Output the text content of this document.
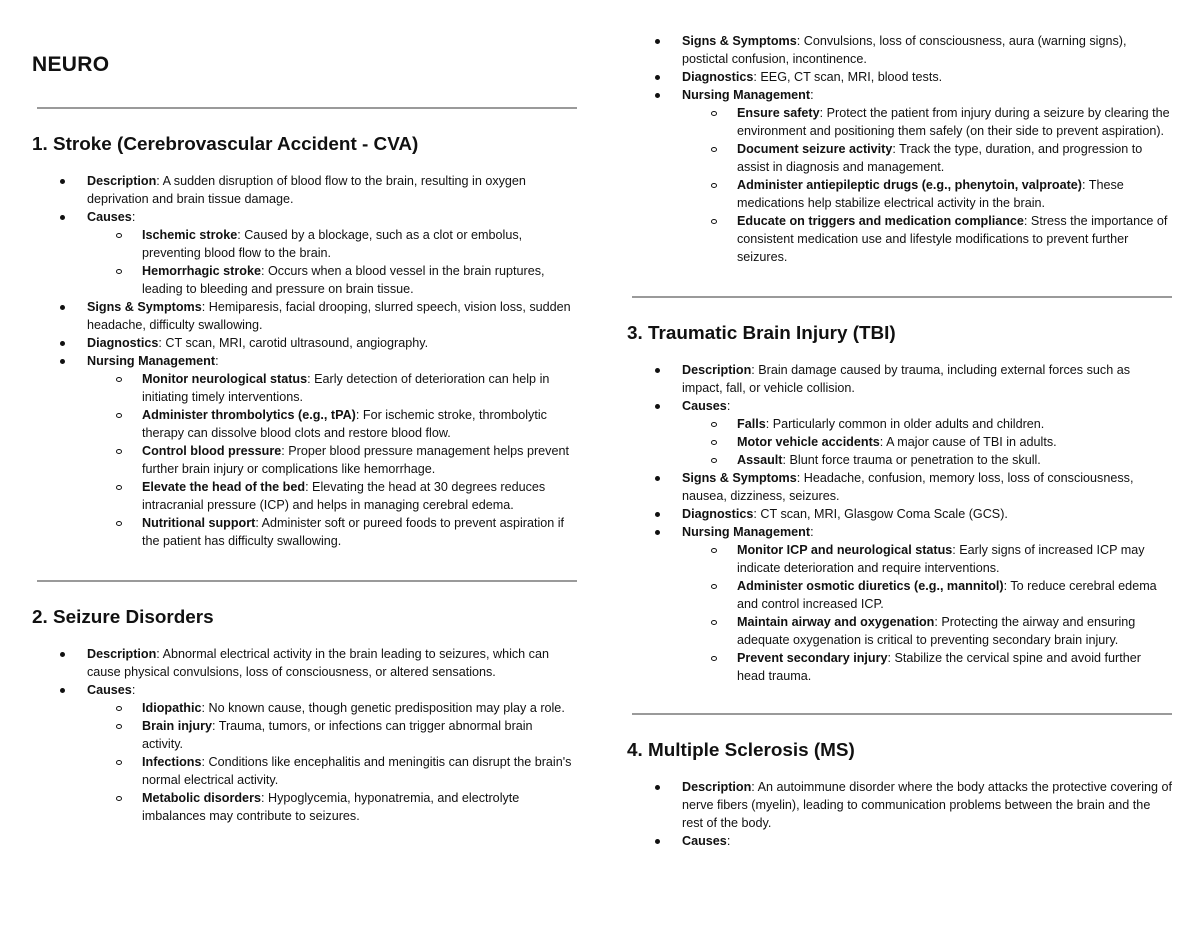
NEURO
1. Stroke (Cerebrovascular Accident - CVA)
Description: A sudden disruption of blood flow to the brain, resulting in oxygen deprivation and brain tissue damage.
Causes:
Ischemic stroke: Caused by a blockage, such as a clot or embolus, preventing blood flow to the brain.
Hemorrhagic stroke: Occurs when a blood vessel in the brain ruptures, leading to bleeding and pressure on brain tissue.
Signs & Symptoms: Hemiparesis, facial drooping, slurred speech, vision loss, sudden headache, difficulty swallowing.
Diagnostics: CT scan, MRI, carotid ultrasound, angiography.
Nursing Management:
Monitor neurological status: Early detection of deterioration can help in initiating timely interventions.
Administer thrombolytics (e.g., tPA): For ischemic stroke, thrombolytic therapy can dissolve blood clots and restore blood flow.
Control blood pressure: Proper blood pressure management helps prevent further brain injury or complications like hemorrhage.
Elevate the head of the bed: Elevating the head at 30 degrees reduces intracranial pressure (ICP) and helps in managing cerebral edema.
Nutritional support: Administer soft or pureed foods to prevent aspiration if the patient has difficulty swallowing.
2. Seizure Disorders
Description: Abnormal electrical activity in the brain leading to seizures, which can cause physical convulsions, loss of consciousness, or altered sensations.
Causes:
Idiopathic: No known cause, though genetic predisposition may play a role.
Brain injury: Trauma, tumors, or infections can trigger abnormal brain activity.
Infections: Conditions like encephalitis and meningitis can disrupt the brain's normal electrical activity.
Metabolic disorders: Hypoglycemia, hyponatremia, and electrolyte imbalances may contribute to seizures.
Signs & Symptoms: Convulsions, loss of consciousness, aura (warning signs), postictal confusion, incontinence.
Diagnostics: EEG, CT scan, MRI, blood tests.
Nursing Management:
Ensure safety: Protect the patient from injury during a seizure by clearing the environment and positioning them safely (on their side to prevent aspiration).
Document seizure activity: Track the type, duration, and progression to assist in diagnosis and management.
Administer antiepileptic drugs (e.g., phenytoin, valproate): These medications help stabilize electrical activity in the brain.
Educate on triggers and medication compliance: Stress the importance of consistent medication use and lifestyle modifications to prevent further seizures.
3. Traumatic Brain Injury (TBI)
Description: Brain damage caused by trauma, including external forces such as impact, fall, or vehicle collision.
Causes:
Falls: Particularly common in older adults and children.
Motor vehicle accidents: A major cause of TBI in adults.
Assault: Blunt force trauma or penetration to the skull.
Signs & Symptoms: Headache, confusion, memory loss, loss of consciousness, nausea, dizziness, seizures.
Diagnostics: CT scan, MRI, Glasgow Coma Scale (GCS).
Nursing Management:
Monitor ICP and neurological status: Early signs of increased ICP may indicate deterioration and require interventions.
Administer osmotic diuretics (e.g., mannitol): To reduce cerebral edema and control increased ICP.
Maintain airway and oxygenation: Protecting the airway and ensuring adequate oxygenation is critical to preventing secondary brain injury.
Prevent secondary injury: Stabilize the cervical spine and avoid further head trauma.
4. Multiple Sclerosis (MS)
Description: An autoimmune disorder where the body attacks the protective covering of nerve fibers (myelin), leading to communication problems between the brain and the rest of the body.
Causes:
